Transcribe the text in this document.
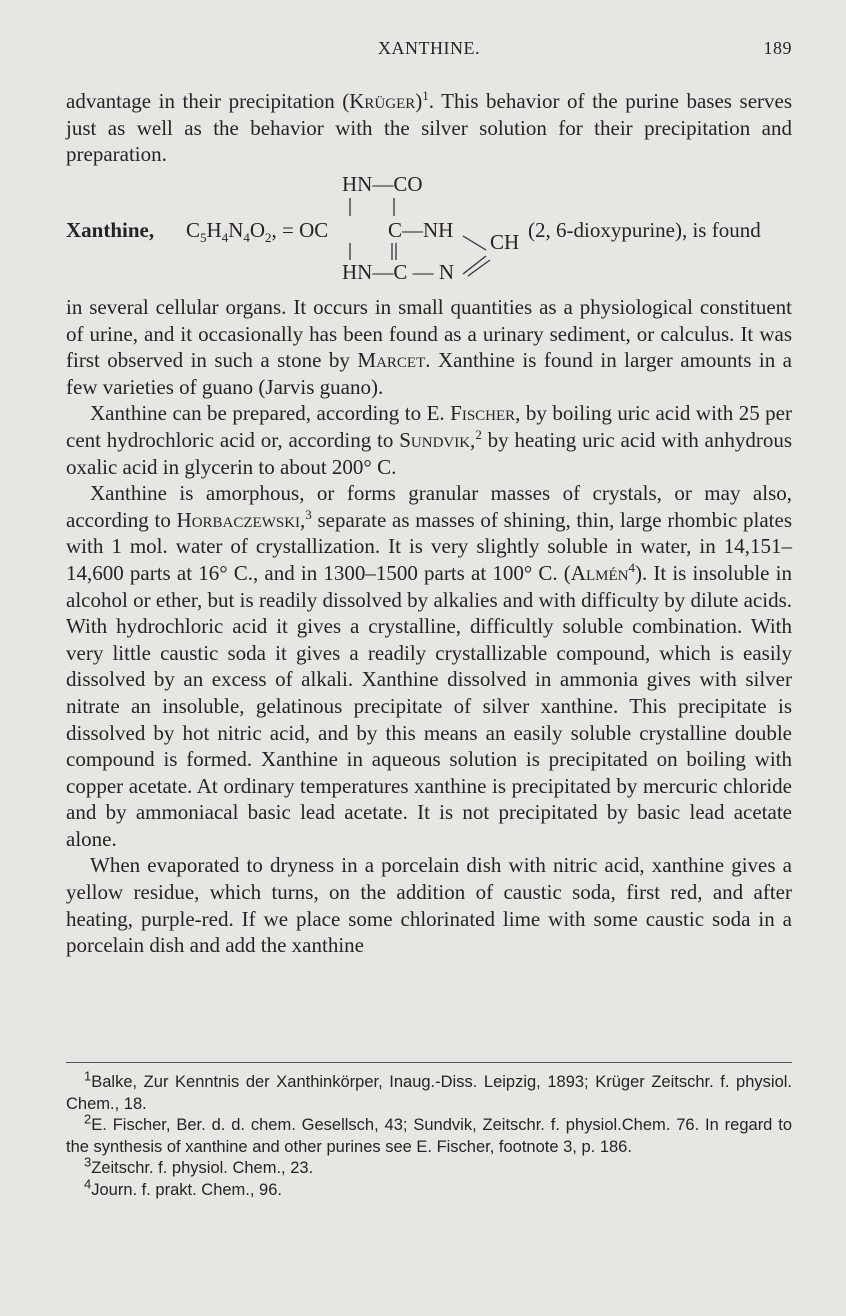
XANTHINE.	189

advantage in their precipitation (Krüger)$^1$. This behavior of the purine bases serves just as well as the behavior with the silver solution for their precipitation and preparation.

HN—CO
Xanthine, $C_5H_4N_4O_2$, = OC	C—NH CH (2, 6-dioxypurine), is found
HN—C — N

in several cellular organs. It occurs in small quantities as a physiological constituent of urine, and it occasionally has been found as a urinary sediment, or calculus. It was first observed in such a stone by Marcet. Xanthine is found in larger amounts in a few varieties of guano (Jarvis guano).

Xanthine can be prepared, according to E. Fischer, by boiling uric acid with 25 per cent hydrochloric acid or, according to Sundvik,$^2$ by heating uric acid with anhydrous oxalic acid in glycerin to about 200° C.

Xanthine is amorphous, or forms granular masses of crystals, or may also, according to Horbaczewski,$^3$ separate as masses of shining, thin, large rhombic plates with 1 mol. water of crystallization. It is very slightly soluble in water, in 14,151–14,600 parts at 16° C., and in 1300–1500 parts at 100° C. (Almén$^4$). It is insoluble in alcohol or ether, but is readily dissolved by alkalies and with difficulty by dilute acids. With hydrochloric acid it gives a crystalline, difficultly soluble combination. With very little caustic soda it gives a readily crystallizable compound, which is easily dissolved by an excess of alkali. Xanthine dissolved in ammonia gives with silver nitrate an insoluble, gelatinous precipitate of silver xanthine. This precipitate is dissolved by hot nitric acid, and by this means an easily soluble crystalline double compound is formed. Xanthine in aqueous solution is precipitated on boiling with copper acetate. At ordinary temperatures xanthine is precipitated by mercuric chloride and by ammoniacal basic lead acetate. It is not precipitated by basic lead acetate alone.

When evaporated to dryness in a porcelain dish with nitric acid, xanthine gives a yellow residue, which turns, on the addition of caustic soda, first red, and after heating, purple-red. If we place some chlorinated lime with some caustic soda in a porcelain dish and add the xanthine

$^1$Balke, Zur Kenntnis der Xanthinkörper, Inaug.-Diss. Leipzig, 1893; Krüger Zeitschr. f. physiol. Chem., 18.

$^2$E. Fischer, Ber. d. d. chem. Gesellsch, 43; Sundvik, Zeitschr. f. physiol.Chem. 76. In regard to the synthesis of xanthine and other purines see E. Fischer, footnote 3, p. 186.

$^3$Zeitschr. f. physiol. Chem., 23.

$^4$Journ. f. prakt. Chem., 96.
